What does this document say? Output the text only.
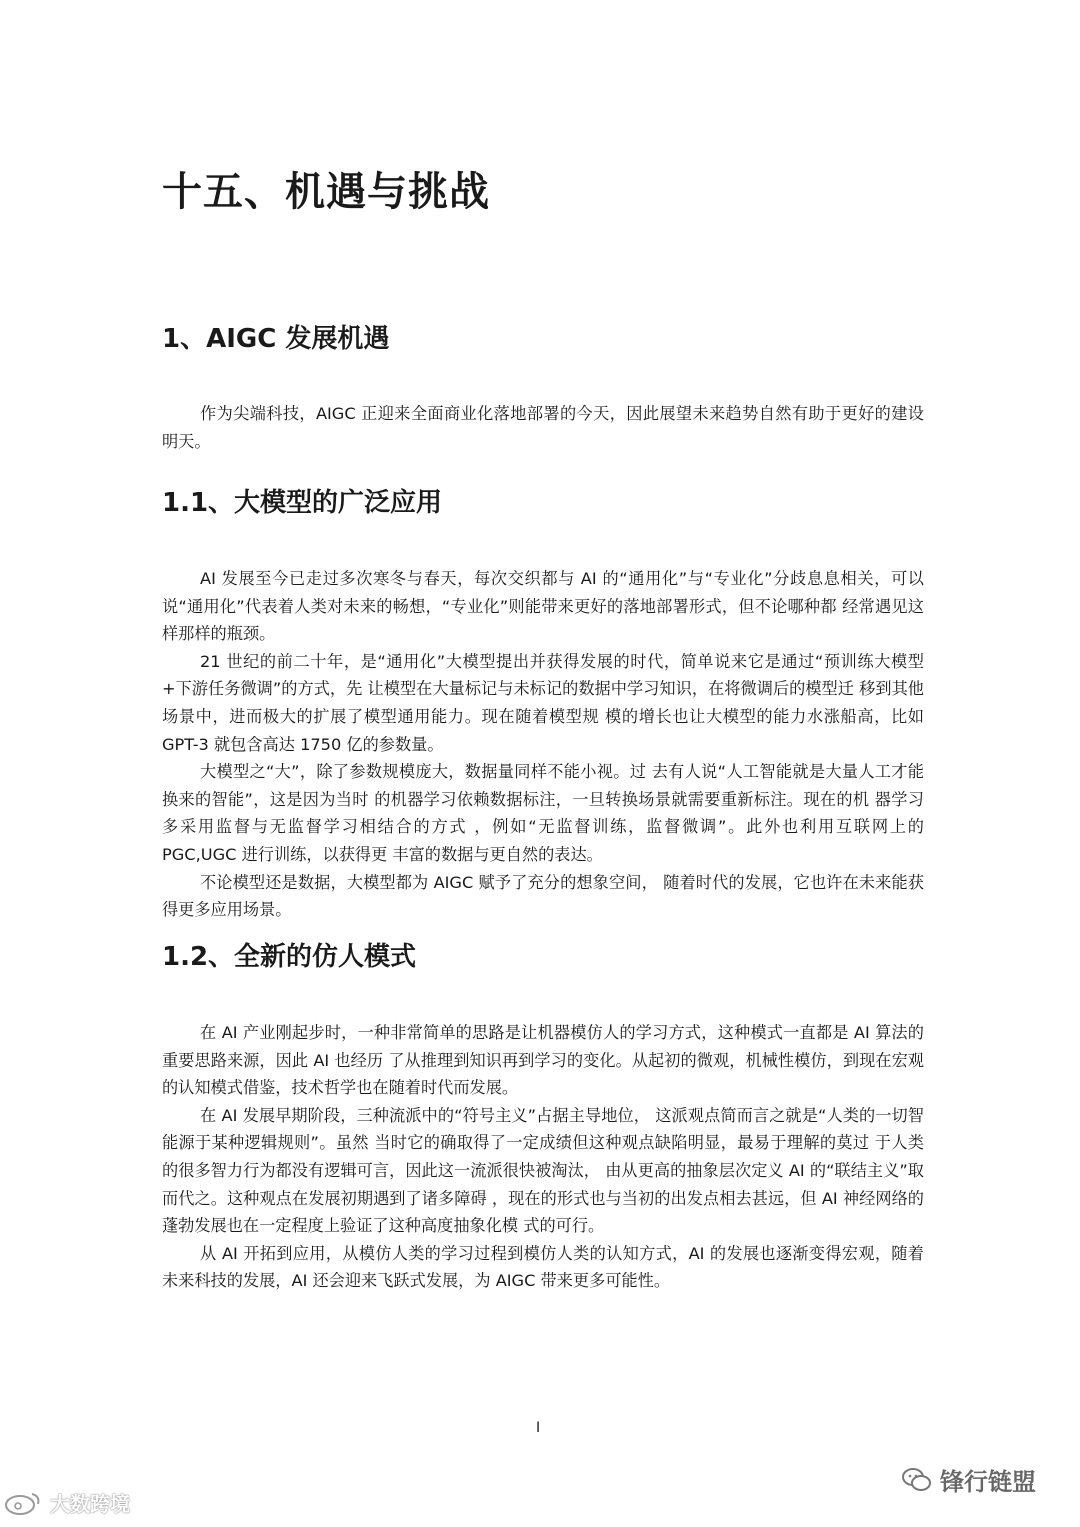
十五、机遇与挑战
1、AIGC 发展机遇

作为尖端科技，AIGC 正迎来全面商业化落地部署的今天，因此展望未来趋势自然有助于更好的建设明天。

1.1、大模型的广泛应用

AI 发展至今已走过多次寒冬与春天，每次交织都与 AI 的“通用化”与“专业化”分歧息息相关，可以说“通用化”代表着人类对未来的畅想，“专业化”则能带来更好的落地部署形式，但不论哪种都 经常遇见这样那样的瓶颈。

21 世纪的前二十年，是“通用化”大模型提出并获得发展的时代，简单说来它是通过“预训练大模型+下游任务微调”的方式，先 让模型在大量标记与未标记的数据中学习知识，在将微调后的模型迁 移到其他场景中，进而极大的扩展了模型通用能力。现在随着模型规 模的增长也让大模型的能力水涨船高，比如 GPT-3 就包含高达 1750 亿的参数量。

大模型之“大”，除了参数规模庞大，数据量同样不能小视。过 去有人说“人工智能就是大量人工才能换来的智能”，这是因为当时 的机器学习依赖数据标注，一旦转换场景就需要重新标注。现在的机 器学习多采用监督与无监督学习相结合的方式 ，例如“无监督训练，监督微调”。此外也利用互联网上的 PGC,UGC 进行训练，以获得更 丰富的数据与更自然的表达。

不论模型还是数据，大模型都为 AIGC 赋予了充分的想象空间， 随着时代的发展，它也许在未来能获得更多应用场景。

1.2、全新的仿人模式

在 AI 产业刚起步时，一种非常简单的思路是让机器模仿人的学习方式，这种模式一直都是 AI 算法的重要思路来源，因此 AI 也经历 了从推理到知识再到学习的变化。从起初的微观，机械性模仿，到现在宏观的认知模式借鉴，技术哲学也在随着时代而发展。

在 AI 发展早期阶段，三种流派中的“符号主义”占据主导地位， 这派观点简而言之就是“人类的一切智能源于某种逻辑规则”。虽然 当时它的确取得了一定成绩但这种观点缺陷明显，最易于理解的莫过 于人类的很多智力行为都没有逻辑可言，因此这一流派很快被淘汰， 由从更高的抽象层次定义 AI 的“联结主义”取而代之。这种观点在发展初期遇到了诸多障碍 ，现在的形式也与当初的出发点相去甚远，但 AI 神经网络的蓬勃发展也在一定程度上验证了这种高度抽象化模 式的可行。

从 AI 开拓到应用，从模仿人类的学习过程到模仿人类的认知方式，AI 的发展也逐渐变得宏观，随着未来科技的发展，AI 还会迎来飞跃式发展，为 AIGC 带来更多可能性。

I
大数跨境
锋行链盟
